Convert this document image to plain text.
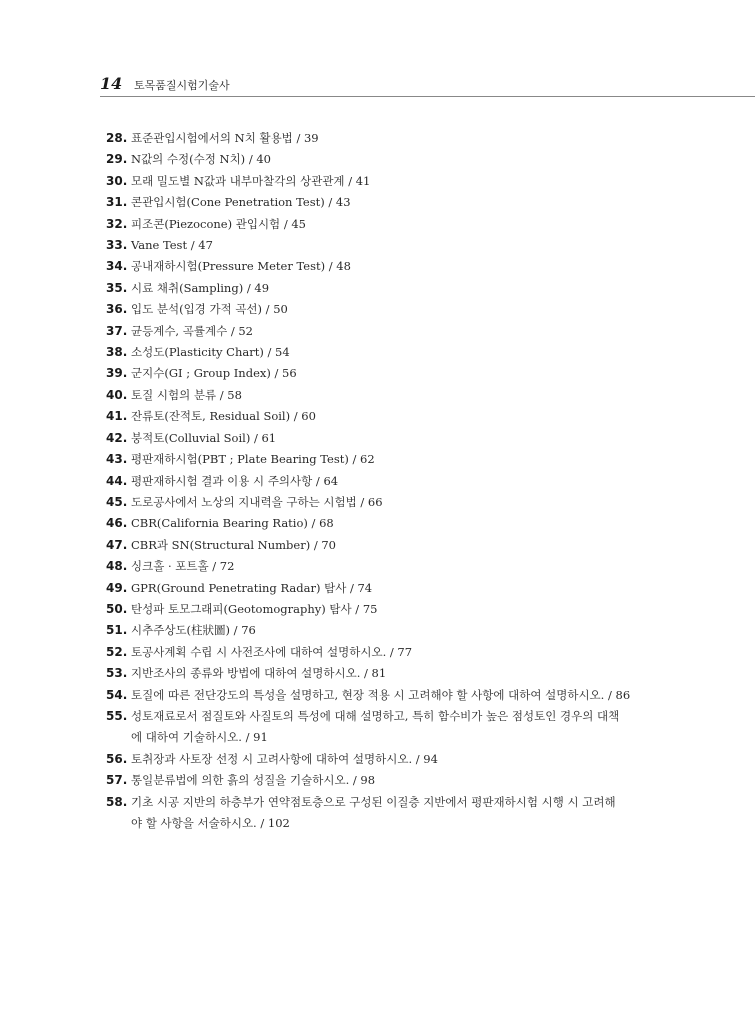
14	토목품질시험기술사
28. 표준관입시험에서의 N치 활용법 / 39
29. N값의 수정(수정 N치) / 40
30. 모래 밀도별 N값과 내부마찰각의 상관관계 / 41
31. 콘관입시험(Cone Penetration Test) / 43
32. 피조콘(Piezocone) 관입시험 / 45
33. Vane Test / 47
34. 공내재하시험(Pressure Meter Test) / 48
35. 시료 채취(Sampling) / 49
36. 입도 분석(입경 가적 곡선) / 50
37. 균등계수, 곡률계수 / 52
38. 소성도(Plasticity Chart) / 54
39. 군지수(GI ; Group Index) / 56
40. 토질 시험의 분류 / 58
41. 잔류토(잔적토, Residual Soil) / 60
42. 붕적토(Colluvial Soil) / 61
43. 평판재하시험(PBT ; Plate Bearing Test) / 62
44. 평판재하시험 결과 이용 시 주의사항 / 64
45. 도로공사에서 노상의 지내력을 구하는 시험법 / 66
46. CBR(California Bearing Ratio) / 68
47. CBR과 SN(Structural Number) / 70
48. 싱크홀 · 포트홀 / 72
49. GPR(Ground Penetrating Radar) 탐사 / 74
50. 탄성파 토모그래피(Geotomography) 탐사 / 75
51. 시추주상도(柱狀圖) / 76
52. 토공사계획 수립 시 사전조사에 대하여 설명하시오. / 77
53. 지반조사의 종류와 방법에 대하여 설명하시오. / 81
54. 토질에 따른 전단강도의 특성을 설명하고, 현장 적용 시 고려해야 할 사항에 대하여 설명하시오. / 86
55. 성토재료로서 점질토와 사질토의 특성에 대해 설명하고, 특히 함수비가 높은 점성토인 경우의 대책
에 대하여 기술하시오. / 91
56. 토취장과 사토장 선정 시 고려사항에 대하여 설명하시오. / 94
57. 통일분류법에 의한 흙의 성질을 기술하시오. / 98
58. 기초 시공 지반의 하층부가 연약점토층으로 구성된 이질층 지반에서 평판재하시험 시행 시 고려해
야 할 사항을 서술하시오. / 102
